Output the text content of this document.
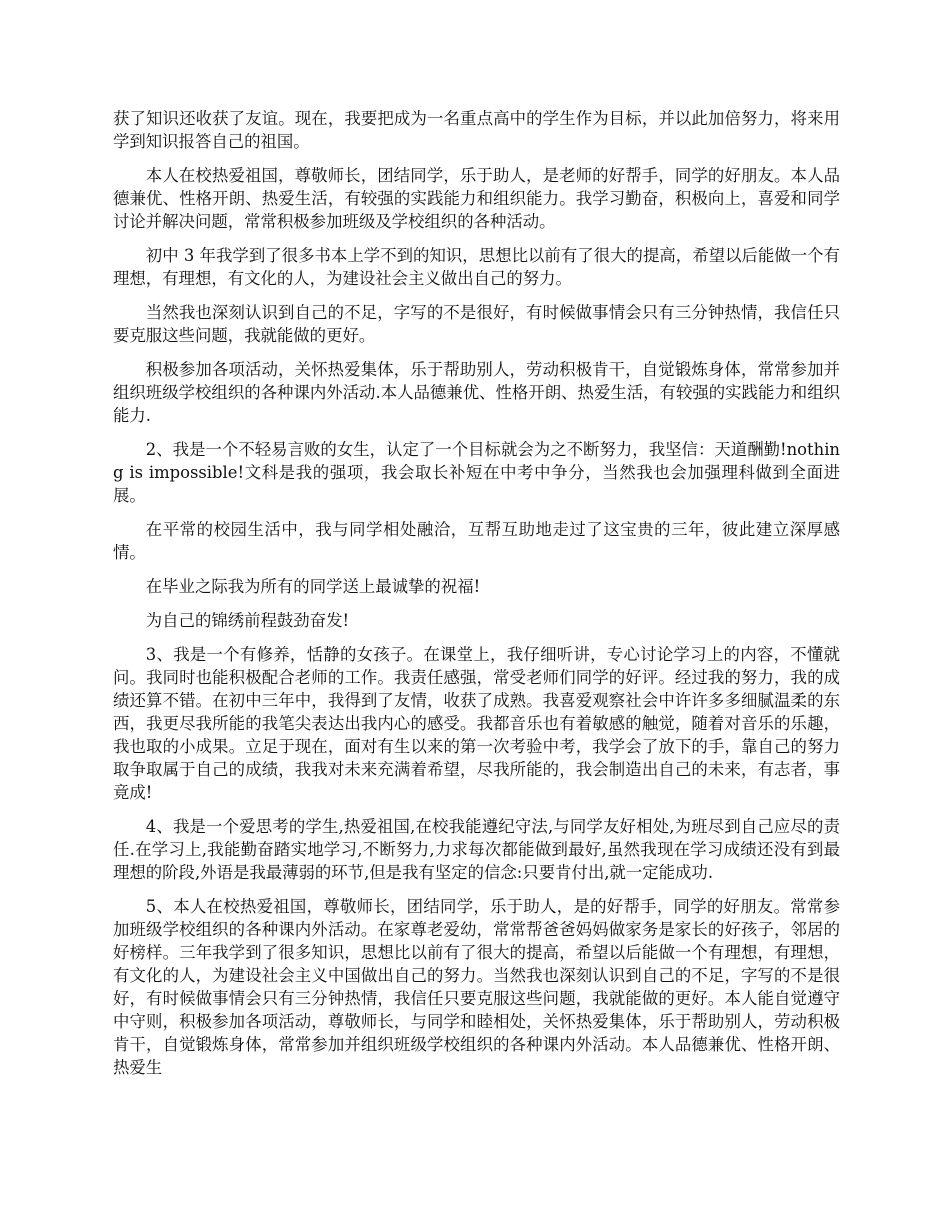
获了知识还收获了友谊。现在，我要把成为一名重点高中的学生作为目标，并以此加倍努力，将来用学到知识报答自己的祖国。

本人在校热爱祖国，尊敬师长，团结同学，乐于助人，是老师的好帮手，同学的好朋友。本人品德兼优、性格开朗、热爱生活，有较强的实践能力和组织能力。我学习勤奋，积极向上，喜爱和同学讨论并解决问题，常常积极参加班级及学校组织的各种活动。

初中 3 年我学到了很多书本上学不到的知识，思想比以前有了很大的提高，希望以后能做一个有理想，有理想，有文化的人，为建设社会主义做出自己的努力。

当然我也深刻认识到自己的不足，字写的不是很好，有时候做事情会只有三分钟热情，我信任只要克服这些问题，我就能做的更好。

积极参加各项活动，关怀热爱集体，乐于帮助别人，劳动积极肯干，自觉锻炼身体，常常参加并组织班级学校组织的各种课内外活动.本人品德兼优、性格开朗、热爱生活，有较强的实践能力和组织能力.

2、我是一个不轻易言败的女生，认定了一个目标就会为之不断努力，我坚信：天道酬勤!nothing is impossible!文科是我的强项，我会取长补短在中考中争分，当然我也会加强理科做到全面进展。

在平常的校园生活中，我与同学相处融洽，互帮互助地走过了这宝贵的三年，彼此建立深厚感情。

在毕业之际我为所有的同学送上最诚挚的祝福!

为自己的锦绣前程鼓劲奋发!

3、我是一个有修养，恬静的女孩子。在课堂上，我仔细听讲，专心讨论学习上的内容，不懂就问。我同时也能积极配合老师的工作。我责任感强，常受老师们同学的好评。经过我的努力，我的成绩还算不错。在初中三年中，我得到了友情，收获了成熟。我喜爱观察社会中许许多多细腻温柔的东西，我更尽我所能的我笔尖表达出我内心的感受。我都音乐也有着敏感的触觉，随着对音乐的乐趣，我也取的小成果。立足于现在，面对有生以来的第一次考验中考，我学会了放下的手，靠自己的努力取争取属于自己的成绩，我我对未来充满着希望，尽我所能的，我会制造出自己的未来，有志者，事竟成!

4、我是一个爱思考的学生,热爱祖国,在校我能遵纪守法,与同学友好相处,为班尽到自己应尽的责任.在学习上,我能勤奋踏实地学习,不断努力,力求每次都能做到最好,虽然我现在学习成绩还没有到最理想的阶段,外语是我最薄弱的环节,但是我有坚定的信念:只要肯付出,就一定能成功.

5、本人在校热爱祖国，尊敬师长，团结同学，乐于助人，是的好帮手，同学的好朋友。常常参加班级学校组织的各种课内外活动。在家尊老爱幼，常常帮爸爸妈妈做家务是家长的好孩子，邻居的好榜样。三年我学到了很多知识，思想比以前有了很大的提高，希望以后能做一个有理想，有理想，有文化的人，为建设社会主义中国做出自己的努力。当然我也深刻认识到自己的不足，字写的不是很好，有时候做事情会只有三分钟热情，我信任只要克服这些问题，我就能做的更好。本人能自觉遵守中守则，积极参加各项活动，尊敬师长，与同学和睦相处，关怀热爱集体，乐于帮助别人，劳动积极肯干，自觉锻炼身体，常常参加并组织班级学校组织的各种课内外活动。本人品德兼优、性格开朗、热爱生
